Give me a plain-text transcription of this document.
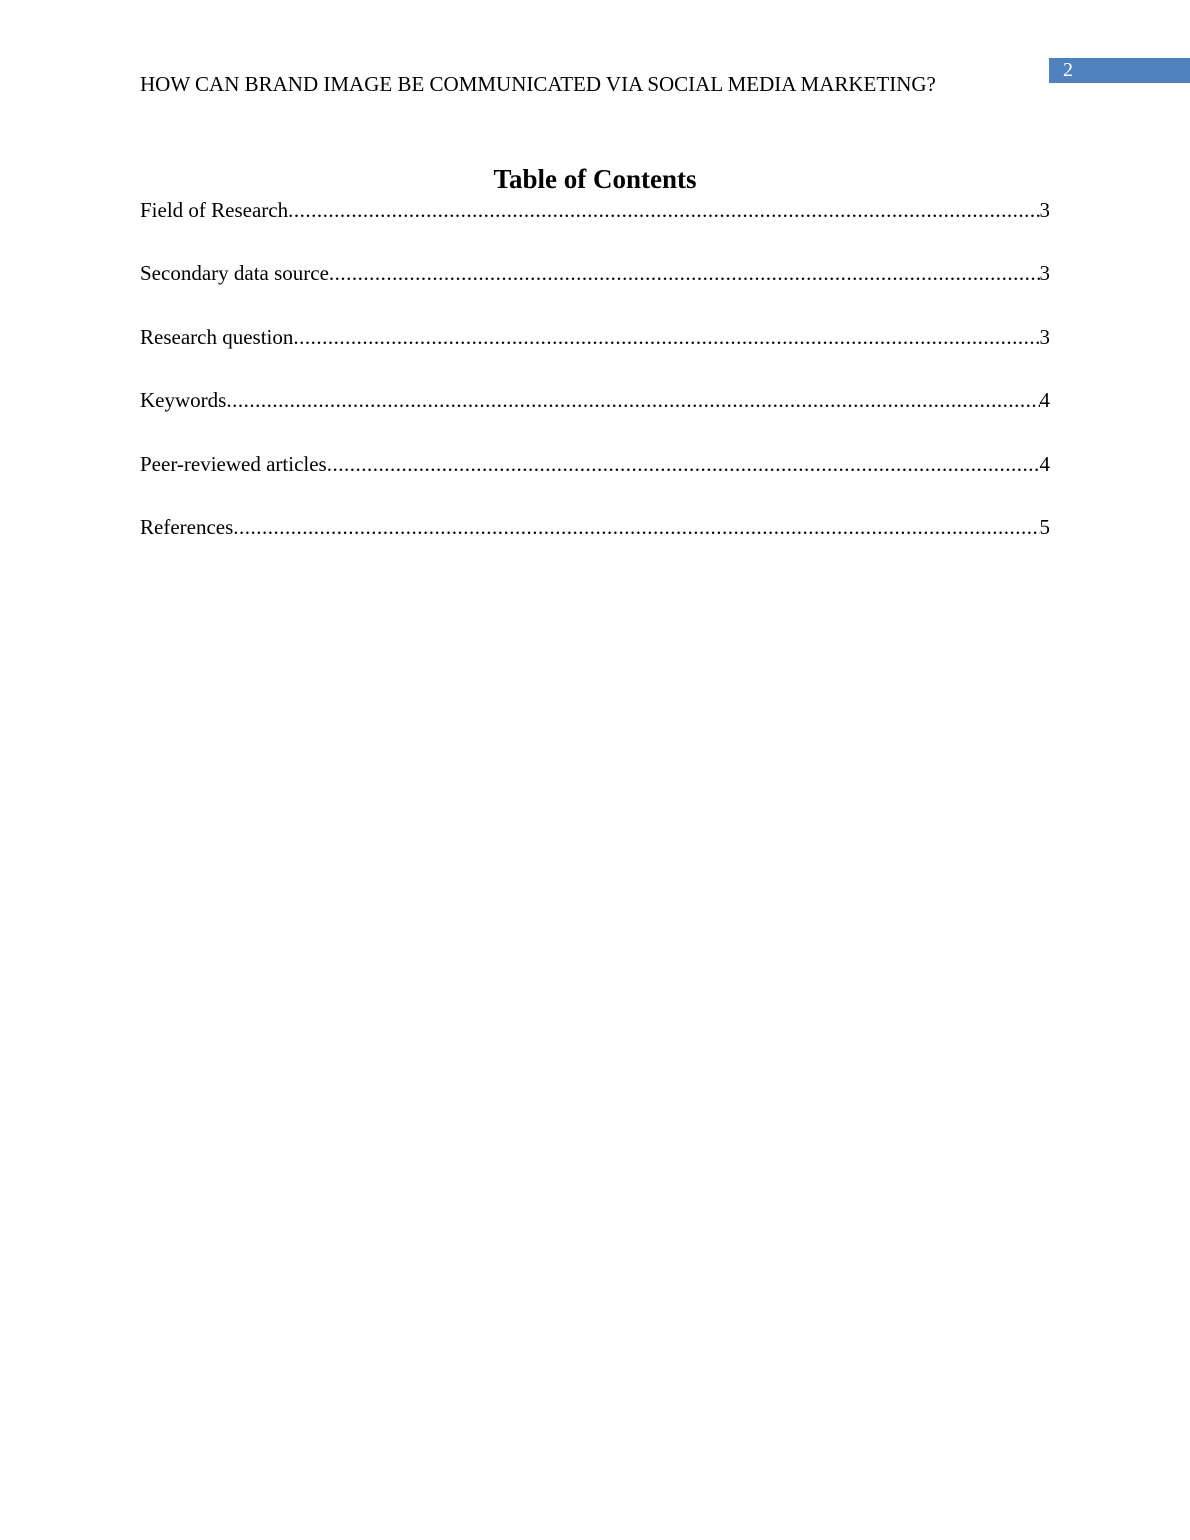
HOW CAN BRAND IMAGE BE COMMUNICATED VIA SOCIAL MEDIA MARKETING?
2
Table of Contents
Field of Research .....	3
Secondary data source .....	3
Research question .....	3
Keywords .....	4
Peer-reviewed articles .....	4
References .....	5
